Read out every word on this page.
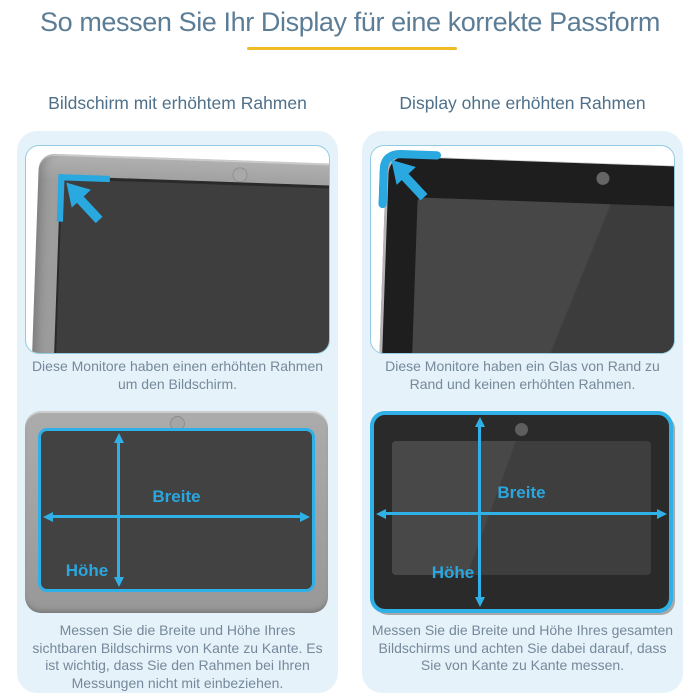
So messen Sie Ihr Display für eine korrekte Passform
Bildschirm mit erhöhtem Rahmen	Display ohne erhöhten Rahmen
Diese Monitore haben einen erhöhten Rahmen um den Bildschirm.
Breite
Höhe
Messen Sie die Breite und Höhe Ihres sichtbaren Bildschirms von Kante zu Kante. Es ist wichtig, dass Sie den Rahmen bei Ihren Messungen nicht mit einbeziehen.
Diese Monitore haben ein Glas von Rand zu Rand und keinen erhöhten Rahmen.
Breite
Höhe
Messen Sie die Breite und Höhe Ihres gesamten Bildschirms und achten Sie dabei darauf, dass Sie von Kante zu Kante messen.
